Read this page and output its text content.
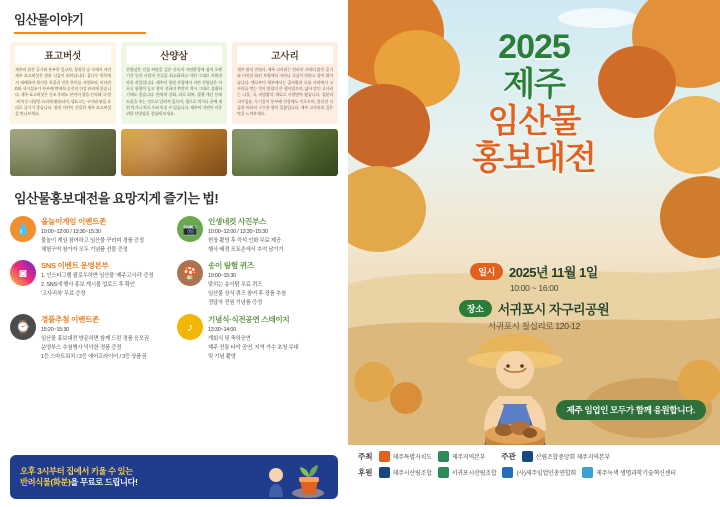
임산물이야기
표고버섯
제주의 맑은 공기와 풍부한 일교차, 청정한 숲 속에서 자란 제주 표고버섯은 향과 식감이 뛰어납니다. 참나무 원목에서 재배하여 쫄깃한 육질과 진한 풍미를 자랑하며, 비타민D와 식이섬유가 풍부해 면역력 증진과 건강 관리에 좋습니다. 제주 표고버섯은 건조 후에도 본연의 향을 간직해 국·탕·찌개 등 다양한 요리에 활용되며, 생표고는 구이와 볶음 요리로 즐기기 좋습니다. 청정 자연이 선물한 제주 표고버섯을 만나보세요.
산양삼
산양삼은 인삼 씨앗을 깊은 산속의 자연환경에 심어 오랜 기간 동안 사람의 손길을 최소화하고 자연 그대로 키워낸 약용 작물입니다. 제주의 청정 산림에서 자란 산양삼은 사포닌 함량이 높고 향이 진하며 쓴맛이 적어 그대로 섭취하기에도 좋습니다. 면역력 강화, 피로 회복, 혈행 개선 등에 도움을 주는 것으로 알려져 있으며, 생으로 먹거나 꿀에 재워 먹거나 차로 우려 마실 수 있습니다. 제주의 자연이 키운 귀한 산양삼을 경험해 보세요.
고사리
제주 봄의 전령사, 제주 고사리는 한라산 자락의 맑은 공기와 비옥한 화산 토양에서 자라나 식감이 연하고 향이 뛰어납니다. 예로부터 제주에서는 곶자왈과 오름 자락에서 고사리를 꺾는 것이 봄철의 큰 행사였으며, 삶아 말린 고사리는 나물, 국, 비빔밥의 재료로 사랑받아 왔습니다. 철분과 식이섬유, 무기질이 풍부해 건강에도 이로우며, 쫄깃한 식감과 특유의 구수한 향이 일품입니다. 제주 고사리의 깊은 맛을 느껴보세요.
임산물홍보대전을 요망지게 즐기는 법!
💧
올놀이게임 이벤트존
10:00~12:00 / 13:30~15:30
물놀이 게임 참여하고 임산물 꾸러미 경품 증정
체험구역 참가자 모두 기념품 선물 증정
📷
인생네컷 사진부스
10:00~12:00 / 13:30~15:30
현장 촬영 후 즉석 인화 무료 제공
행사 배경 포토존에서 추억 남기기
◙
SNS 이벤트 운영본부
1. 인스타그램 팔로우하면 임산물 '제주고사리' 증정
2. SNS에 행사 홍보 게시물 업로드 후 확인
'고사리차' 무료 증정
🍄
송이 탐험 퀴즈
10:00~15:30
맞히는 송이탐 무료 퀴즈
임산물 상식 퀴즈 참여 후 경품 추첨
정답자 전원 기념품 증정
⌚
경품추첨 이벤트존
15:20~15:30
임산물 홍보대전 방문하면 함께 드린 경품 응모권
운영부스 추첨행사 넉넉한 경품 증정
1등 스마트워치 / 2등 에어프라이어 / 3등 상품권
♪
기념식·식전공연 스테이지
13:30~14:00
개회식 및 축하공연
제주 전통 타악 공연, 지역 가수 초청 무대
및 기념 촬영
오후 3시부터 집에서 키울 수 있는
반려식물(화분)을 무료로 드립니다!
2025
제주
임산물
홍보대전
일시	2025년 11월 1일
10:00 ~ 16:00
장소	서귀포시 자구리공원
서귀포시 칠십리로 120-12
제주 임업인 모두가 함께 응원합니다.
주최	제주특별자치도	제주지역본부 주관	산림조합중앙회 제주지역본부
후원	제주시산림조합	서귀포시산림조합	(사)제주임업인총연합회	제주녹색 생명과학기술혁신센터
